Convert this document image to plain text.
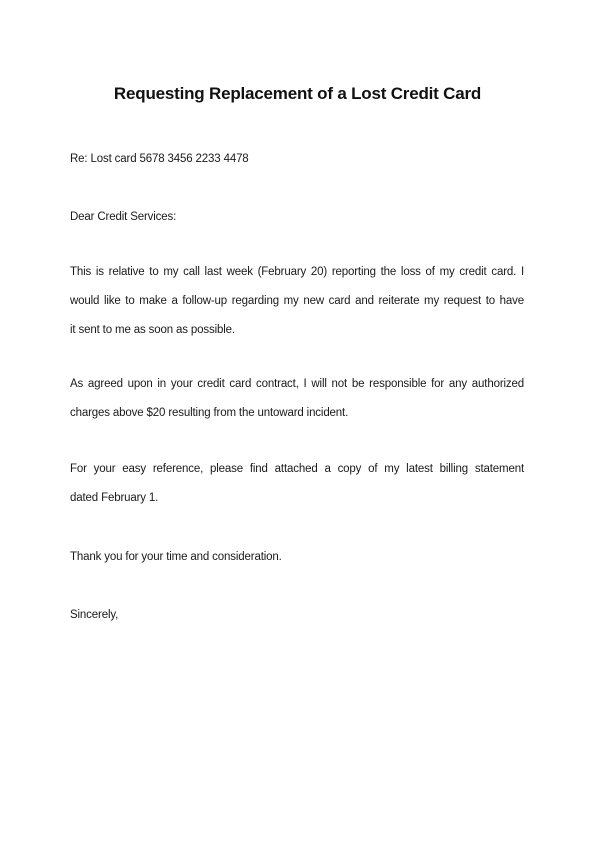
Requesting Replacement of a Lost Credit Card
Re: Lost card 5678 3456 2233 4478
Dear Credit Services:
This is relative to my call last week (February 20) reporting the loss of my credit card. I
would like to make a follow-up regarding my new card and reiterate my request to have
it sent to me as soon as possible.
As agreed upon in your credit card contract, I will not be responsible for any authorized
charges above $20 resulting from the untoward incident.
For your easy reference, please find attached a copy of my latest billing statement
dated February 1.
Thank you for your time and consideration.
Sincerely,
